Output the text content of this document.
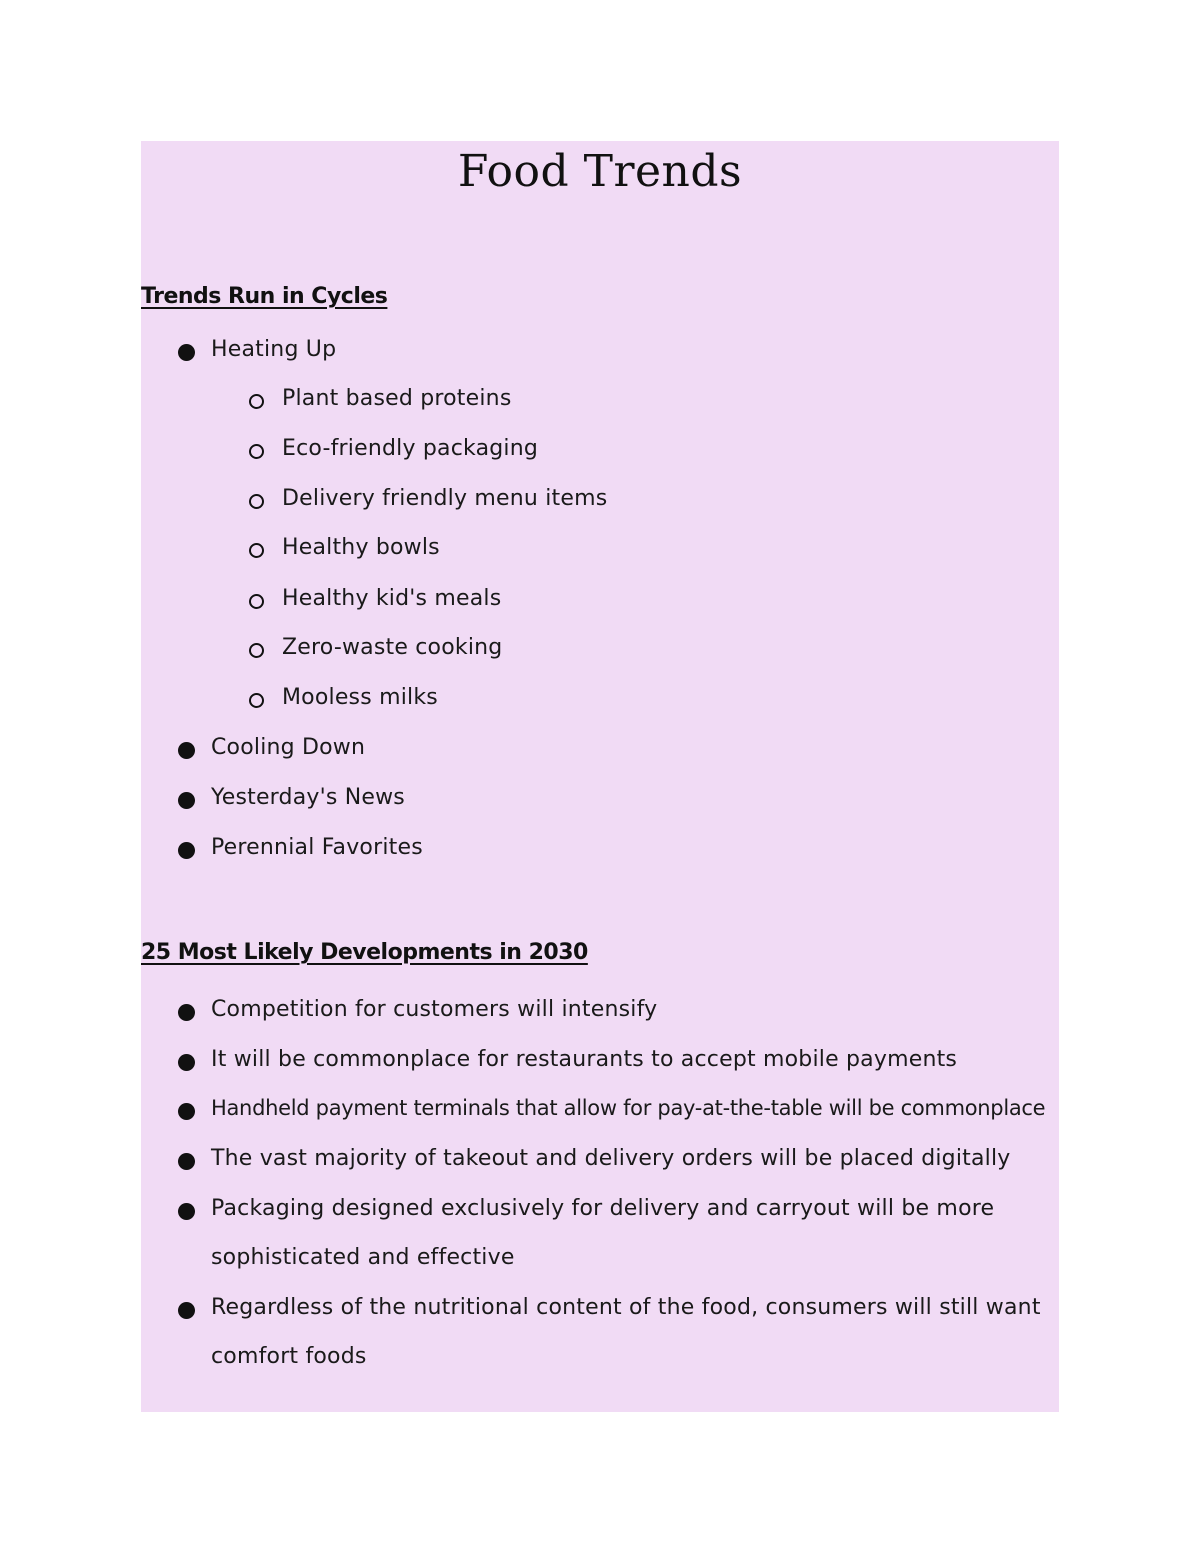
Food Trends
Trends Run in Cycles
Heating Up
Plant based proteins
Eco-friendly packaging
Delivery friendly menu items
Healthy bowls
Healthy kid's meals
Zero-waste cooking
Mooless milks
Cooling Down
Yesterday's News
Perennial Favorites
25 Most Likely Developments in 2030
Competition for customers will intensify
It will be commonplace for restaurants to accept mobile payments
Handheld payment terminals that allow for pay-at-the-table will be commonplace
The vast majority of takeout and delivery orders will be placed digitally
Packaging designed exclusively for delivery and carryout will be more
sophisticated and effective
Regardless of the nutritional content of the food, consumers will still want
comfort foods
